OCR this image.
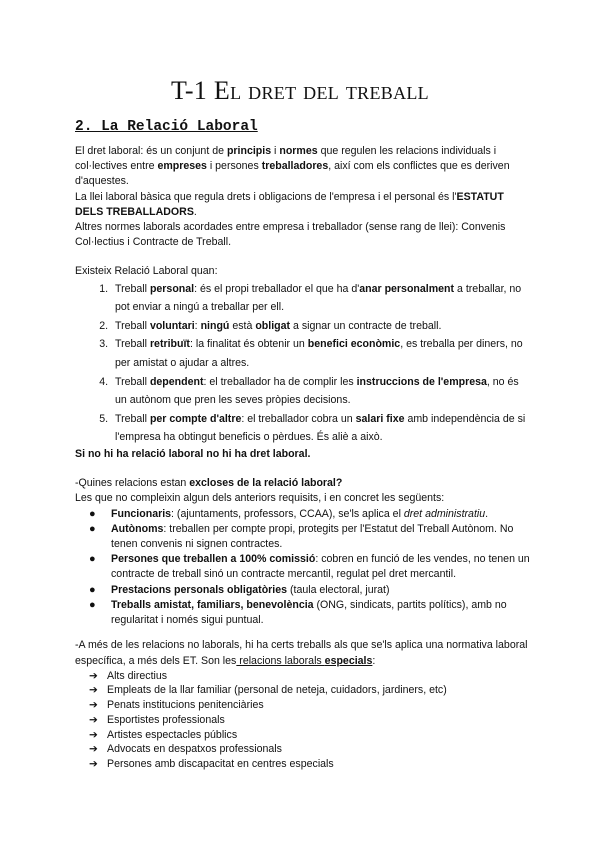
T-1 El dret del treball
2. La Relació Laboral

El dret laboral: és un conjunt de principis i normes que regulen les relacions individuals i col·lectives entre empreses i persones treballadores, així com els conflictes que es deriven d'aquestes.

La llei laboral bàsica que regula drets i obligacions de l'empresa i el personal és l'ESTATUT DELS TREBALLADORS.

Altres normes laborals acordades entre empresa i treballador (sense rang de llei): Convenis Col·lectius i Contracte de Treball.

Existeix Relació Laboral quan:

1. Treball personal: és el propi treballador el que ha d'anar personalment a treballar, no pot enviar a ningú a treballar per ell.
2. Treball voluntari: ningú està obligat a signar un contracte de treball.
3. Treball retribuït: la finalitat és obtenir un benefici econòmic, es treballa per diners, no per amistat o ajudar a altres.
4. Treball dependent: el treballador ha de complir les instruccions de l'empresa, no és un autònom que pren les seves pròpies decisions.
5. Treball per compte d'altre: el treballador cobra un salari fixe amb independència de si l'empresa ha obtingut beneficis o pèrdues. És aliè a això.

Si no hi ha relació laboral no hi ha dret laboral.

-Quines relacions estan excloses de la relació laboral?

Les que no compleixin algun dels anteriors requisits, i en concret les següents:

● Funcionaris: (ajuntaments, professors, CCAA), se'ls aplica el dret administratiu.
● Autònoms: treballen per compte propi, protegits per l'Estatut del Treball Autònom. No tenen convenis ni signen contractes.
● Persones que treballen a 100% comissió: cobren en funció de les vendes, no tenen un contracte de treball sinó un contracte mercantil, regulat pel dret mercantil.
● Prestacions personals obligatòries (taula electoral, jurat)
● Treballs amistat, familiars, benevolència (ONG, sindicats, partits polítics), amb no regularitat i només sigui puntual.

-A més de les relacions no laborals, hi ha certs treballs als que se'ls aplica una normativa laboral específica, a més dels ET. Son les relacions laborals especials:

➔ Alts directius
➔ Empleats de la llar familiar (personal de neteja, cuidadors, jardiners, etc)
➔ Penats institucions penitenciàries
➔ Esportistes professionals
➔ Artistes espectacles públics
➔ Advocats en despatxos professionals
➔ Persones amb discapacitat en centres especials
